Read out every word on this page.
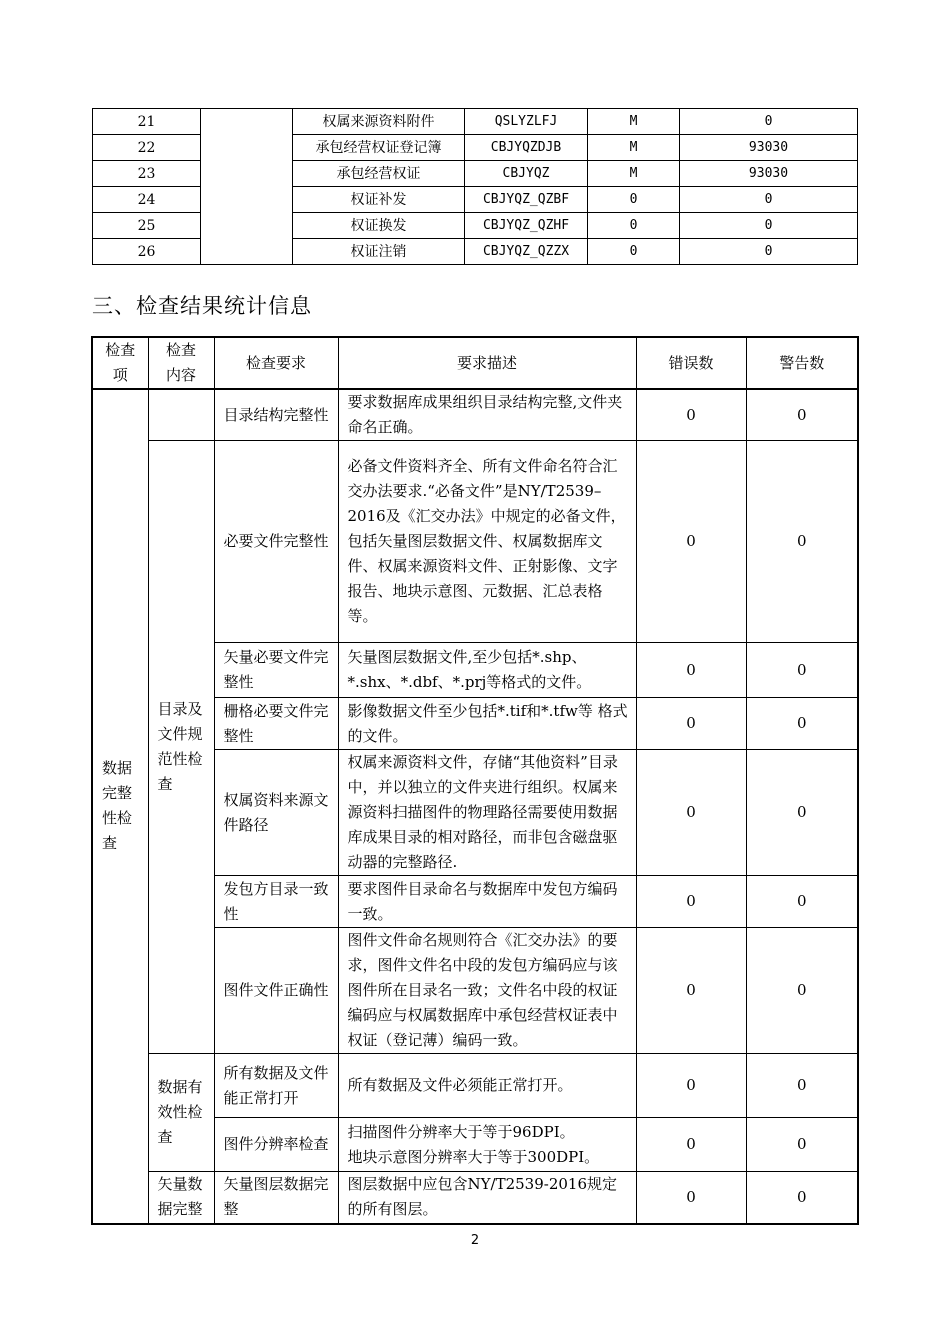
21		权属来源资料附件	QSLYZLFJ	M	0
22		承包经营权证登记簿	CBJYQZDJB	M	93030
23		承包经营权证	CBJYQZ	M	93030
24		权证补发	CBJYQZ_QZBF	0	0
25		权证换发	CBJYQZ_QZHF	0	0
26		权证注销	CBJYQZ_QZZX	0	0
三、检查结果统计信息
检查项	检查内容	检查要求	要求描述	错误数	警告数
数据完整性检查		目录结构完整性	要求数据库成果组织目录结构完整,文件夹命名正确。	0	0
	目录及文件规范性检查	必要文件完整性	必备文件资料齐全、所有文件命名符合汇交办法要求.“必备文件”是NY/T2539–
2016及《汇交办法》中规定的必备文件，包括矢量图层数据文件、权属数据库文件、权属来源资料文件、正射影像、文字报告、地块示意图、元数据、汇总表格等。	0	0
		矢量必要文件完整性	矢量图层数据文件,至少包括*.shp、*.shx、*.dbf、*.prj等格式的文件。	0	0
		栅格必要文件完整性	影像数据文件至少包括*.tif和*.tfw等 格式的文件。	0	0
		权属资料来源文件路径	权属来源资料文件，存储“其他资料”目录中，并以独立的文件夹进行组织。权属来源资料扫描图件的物理路径需要使用数据库成果目录的相对路径，而非包含磁盘驱动器的完整路径.	0	0
		发包方目录一致性	要求图件目录命名与数据库中发包方编码一致。	0	0
		图件文件正确性	图件文件命名规则符合《汇交办法》的要求，图件文件名中段的发包方编码应与该图件所在目录名一致；文件名中段的权证编码应与权属数据库中承包经营权证表中权证（登记薄）编码一致。	0	0
	数据有效性检查	所有数据及文件能正常打开	所有数据及文件必须能正常打开。	0	0
		图件分辨率检查	扫描图件分辨率大于等于96DPI。
地块示意图分辨率大于等于300DPI。	0	0
	矢量数据完整	矢量图层数据完整	图层数据中应包含NY/T2539-2016规定 的所有图层。	0	0
2
